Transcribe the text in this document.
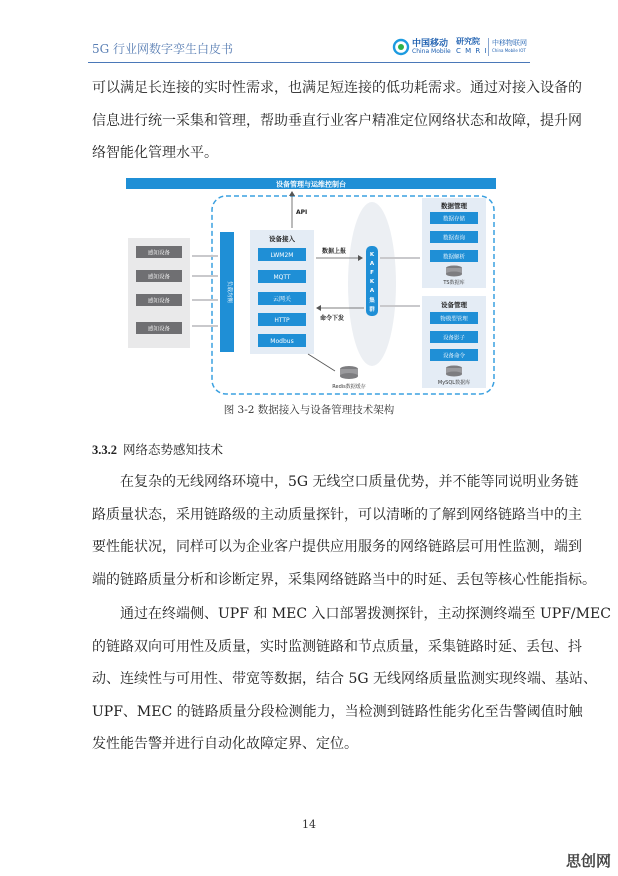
5G 行业网数字孪生白皮书	中国移动
China Mobile
研究院
C M R I
中移物联网
China Mobile IOT
可以满足长连接的实时性需求，也满足短连接的低功耗需求。通过对接入设备的
信息进行统一采集和管理，帮助垂直行业客户精准定位网络状态和故障，提升网
络智能化管理水平。
设备管理与运维控制台
感知设备
感知设备
感知设备
感知设备
负载均衡
设备接入
LWM2M
MQTT
云网关
HTTP
Modbus
API
K
A
F
K
A
集
群
数据上报
命令下发
Redis数据缓存
数据管理
数据存储
数据查询
数据解析
TS数据库
设备管理
物模型管理
设备影子
设备命令
MySQL数据库
图 3-2 数据接入与设备管理技术架构
3.3.2 网络态势感知技术
在复杂的无线网络环境中，5G 无线空口质量优势，并不能等同说明业务链
路质量状态，采用链路级的主动质量探针，可以清晰的了解到网络链路当中的主
要性能状况，同样可以为企业客户提供应用服务的网络链路层可用性监测，端到
端的链路质量分析和诊断定界，采集网络链路当中的时延、丢包等核心性能指标。
通过在终端侧、UPF 和 MEC 入口部署拨测探针，主动探测终端至 UPF/MEC
的链路双向可用性及质量，实时监测链路和节点质量，采集链路时延、丢包、抖
动、连续性与可用性、带宽等数据，结合 5G 无线网络质量监测实现终端、基站、
UPF、MEC 的链路质量分段检测能力，当检测到链路性能劣化至告警阈值时触
发性能告警并进行自动化故障定界、定位。
14
思创网
